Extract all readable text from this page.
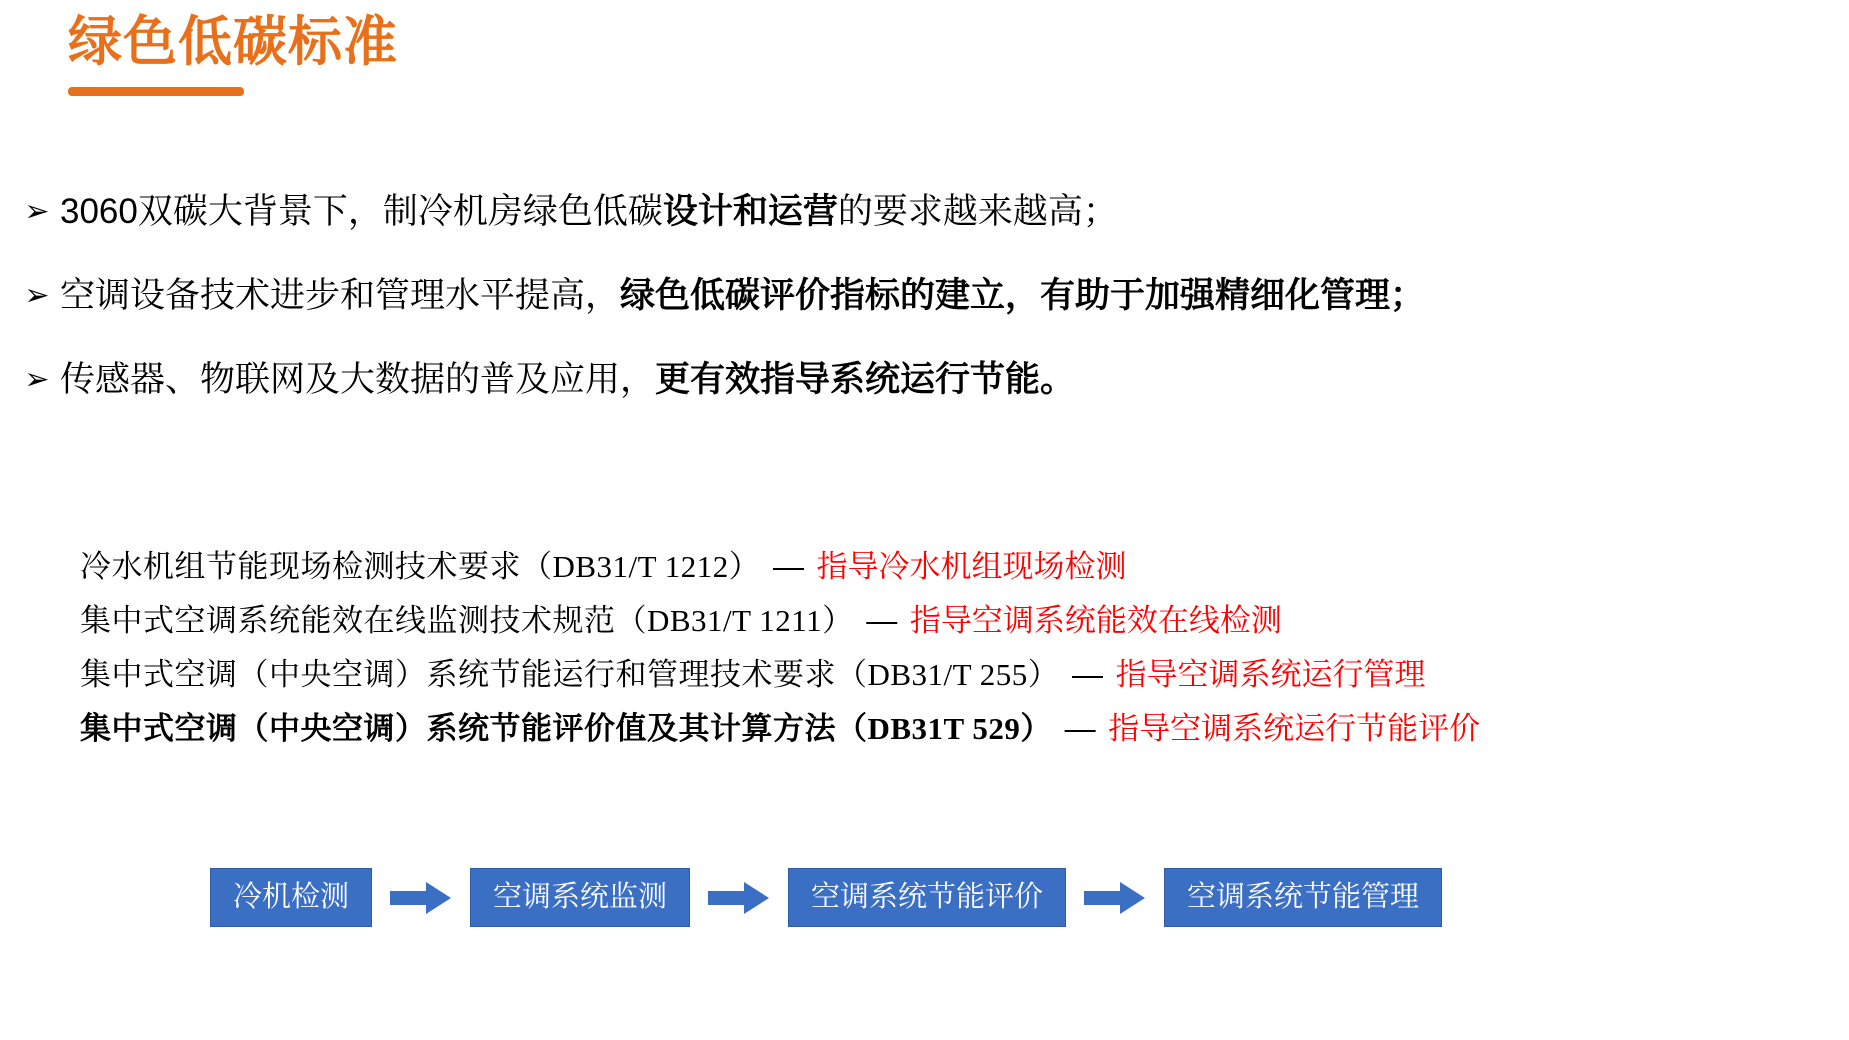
绿色低碳标准
➢ 3060双碳大背景下，制冷机房绿色低碳设计和运营的要求越来越高；
➢ 空调设备技术进步和管理水平提高，绿色低碳评价指标的建立，有助于加强精细化管理；
➢ 传感器、物联网及大数据的普及应用，更有效指导系统运行节能。
冷水机组节能现场检测技术要求（DB31/T 1212） — 指导冷水机组现场检测
集中式空调系统能效在线监测技术规范（DB31/T 1211） — 指导空调系统能效在线检测
集中式空调（中央空调）系统节能运行和管理技术要求（DB31/T 255） — 指导空调系统运行管理
集中式空调（中央空调）系统节能评价值及其计算方法（DB31T 529） — 指导空调系统运行节能评价
冷机检测	空调系统监测	空调系统节能评价	空调系统节能管理
